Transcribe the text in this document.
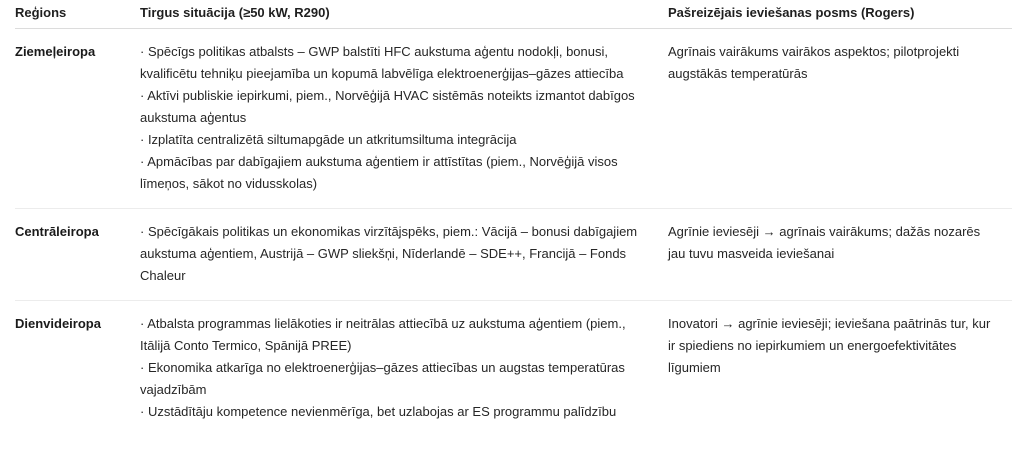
Reģions	Tirgus situācija (≥50 kW, R290)	Pašreizējais ieviešanas posms (Rogers)
Ziemeļeiropa	· Spēcīgs politikas atbalsts – GWP balstīti HFC aukstuma aģentu nodokļi, bonusi, kvalificētu tehniķu pieejamība un kopumā labvēlīga elektroenerģijas–gāzes attiecība
· Aktīvi publiskie iepirkumi, piem., Norvēģijā HVAC sistēmās noteikts izmantot dabīgos aukstuma aģentus
· Izplatīta centralizētā siltumapgāde un atkritumsiltuma integrācija
· Apmācības par dabīgajiem aukstuma aģentiem ir attīstītas (piem., Norvēģijā visos līmeņos, sākot no vidusskolas)	Agrīnais vairākums vairākos aspektos; pilotprojekti augstākās temperatūrās
Centrāleiropa	· Spēcīgākais politikas un ekonomikas virzītājspēks, piem.: Vācijā – bonusi dabīgajiem aukstuma aģentiem, Austrijā – GWP sliekšņi, Nīderlandē – SDE++, Francijā – Fonds Chaleur	Agrīnie ieviesēji → agrīnais vairākums; dažās nozarēs jau tuvu masveida ieviešanai
Dienvideiropa	· Atbalsta programmas lielākoties ir neitrālas attiecībā uz aukstuma aģentiem (piem., Itālijā Conto Termico, Spānijā PREE)
· Ekonomika atkarīga no elektroenerģijas–gāzes attiecības un augstas temperatūras vajadzībām
· Uzstādītāju kompetence nevienmērīga, bet uzlabojas ar ES programmu palīdzību	Inovatori → agrīnie ieviesēji; ieviešana paātrinās tur, kur ir spiediens no iepirkumiem un energoefektivitātes līgumiem
